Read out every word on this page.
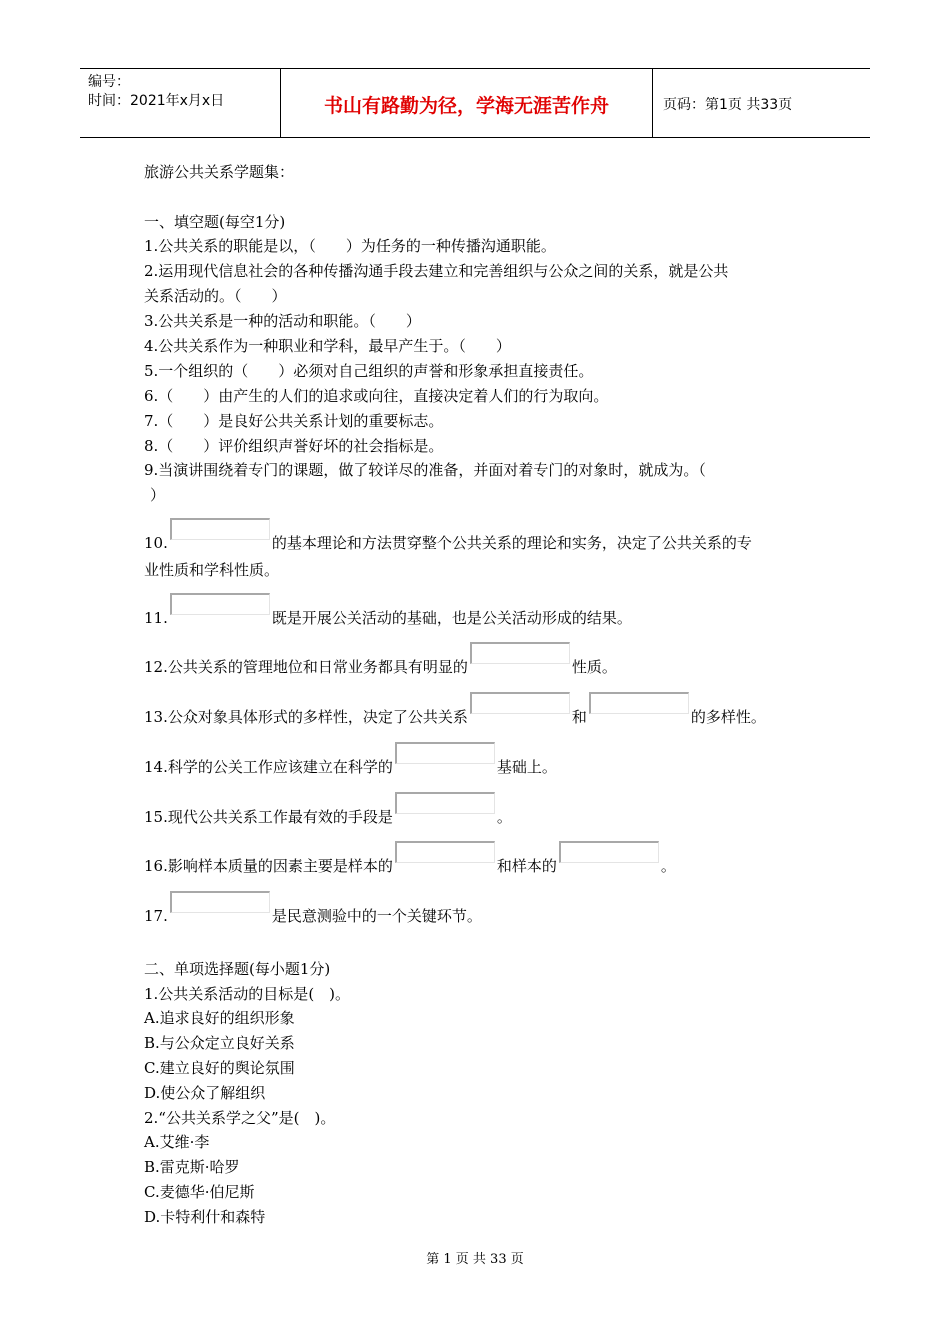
编号：
时间：2021年x月x日	书山有路勤为径，学海无涯苦作舟	页码：第1页 共33页
旅游公共关系学题集：
一、填空题(每空1分)
1.公共关系的职能是以，（　　）为任务的一种传播沟通职能。
2.运用现代信息社会的各种传播沟通手段去建立和完善组织与公众之间的关系，就是公共
关系活动的。（　　）
3.公共关系是一种的活动和职能。（　　）
4.公共关系作为一种职业和学科，最早产生于。（　　）
5.一个组织的（　　）必须对自己组织的声誉和形象承担直接责任。
6.（　　）由产生的人们的追求或向往，直接决定着人们的行为取向。
7.（　　）是良好公共关系计划的重要标志。
8.（　　）评价组织声誉好坏的社会指标是。
9.当演讲围绕着专门的课题，做了较详尽的准备，并面对着专门的对象时，就成为。（
）
10.	的基本理论和方法贯穿整个公共关系的理论和实务，决定了公共关系的专
业性质和学科性质。
11.	既是开展公关活动的基础，也是公关活动形成的结果。
12.公共关系的管理地位和日常业务都具有明显的	性质。
13.公众对象具体形式的多样性，决定了公共关系	和	的多样性。
14.科学的公关工作应该建立在科学的	基础上。
15.现代公共关系工作最有效的手段是	。
16.影响样本质量的因素主要是样本的	和样本的	。
17.	是民意测验中的一个关键环节。
二、单项选择题(每小题1分)
1.公共关系活动的目标是(　)。
A.追求良好的组织形象
B.与公众定立良好关系
C.建立良好的舆论氛围
D.使公众了解组织
2.“公共关系学之父”是(　)。
A.艾维·李
B.雷克斯·哈罗
C.麦德华·伯尼斯
D.卡特利什和森特
第 1 页 共 33 页
